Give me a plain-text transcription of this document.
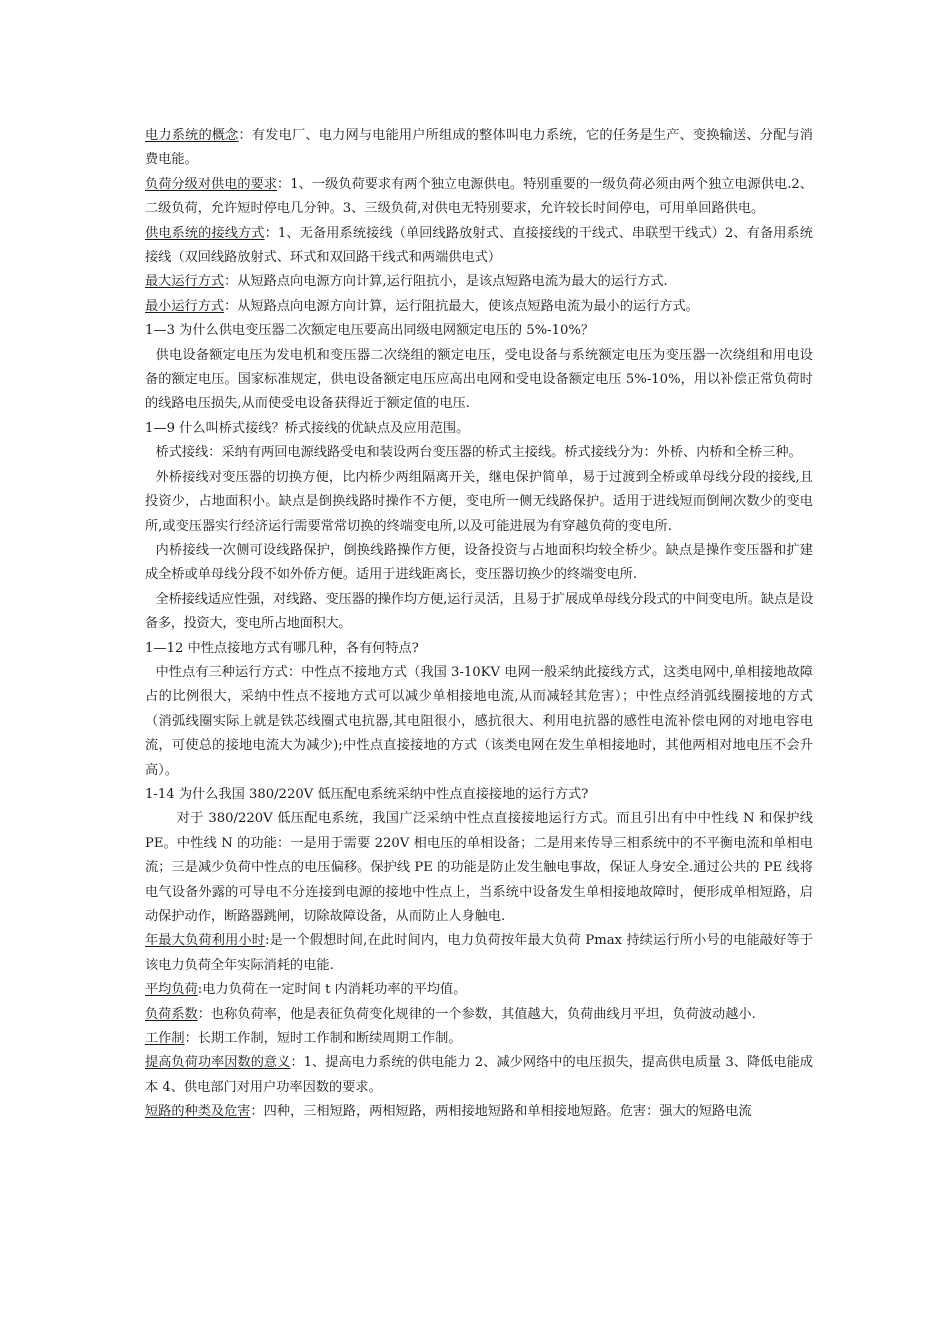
电力系统的概念：有发电厂、电力网与电能用户所组成的整体叫电力系统，它的任务是生产、变换输送、分配与消费电能。

负荷分级对供电的要求：1、一级负荷要求有两个独立电源供电。特别重要的一级负荷必须由两个独立电源供电.2、二级负荷，允许短时停电几分钟。3、三级负荷,对供电无特别要求，允许较长时间停电，可用单回路供电。

供电系统的接线方式：1、无备用系统接线（单回线路放射式、直接接线的干线式、串联型干线式）2、有备用系统接线（双回线路放射式、环式和双回路干线式和两端供电式）

最大运行方式：从短路点向电源方向计算,运行阻抗小，是该点短路电流为最大的运行方式.

最小运行方式：从短路点向电源方向计算，运行阻抗最大，使该点短路电流为最小的运行方式。

1—3 为什么供电变压器二次额定电压要高出同级电网额定电压的 5%-10%？

供电设备额定电压为发电机和变压器二次绕组的额定电压，受电设备与系统额定电压为变压器一次绕组和用电设备的额定电压。国家标准规定，供电设备额定电压应高出电网和受电设备额定电压 5%-10%，用以补偿正常负荷时的线路电压损失,从而使受电设备获得近于额定值的电压.

1—9 什么叫桥式接线？桥式接线的优缺点及应用范围。

桥式接线：采纳有两回电源线路受电和装设两台变压器的桥式主接线。桥式接线分为：外桥、内桥和全桥三种。

外桥接线对变压器的切换方便，比内桥少两组隔离开关，继电保护简单，易于过渡到全桥或单母线分段的接线,且投资少，占地面积小。缺点是倒换线路时操作不方便，变电所一侧无线路保护。适用于进线短而倒闸次数少的变电所,或变压器实行经济运行需要常常切换的终端变电所,以及可能进展为有穿越负荷的变电所.

内桥接线一次侧可设线路保护，倒换线路操作方便，设备投资与占地面积均较全桥少。缺点是操作变压器和扩建成全桥或单母线分段不如外侨方便。适用于进线距离长，变压器切换少的终端变电所.

全桥接线适应性强，对线路、变压器的操作均方便,运行灵活，且易于扩展成单母线分段式的中间变电所。缺点是设备多，投资大，变电所占地面积大。

1—12 中性点接地方式有哪几种，各有何特点?

中性点有三种运行方式：中性点不接地方式（我国 3-10KV 电网一般采纳此接线方式，这类电网中,单相接地故障占的比例很大，采纳中性点不接地方式可以减少单相接地电流,从而减轻其危害）；中性点经消弧线圈接地的方式（消弧线圈实际上就是铁芯线圈式电抗器,其电阻很小，感抗很大、利用电抗器的感性电流补偿电网的对地电容电流，可使总的接地电流大为减少);中性点直接接地的方式（该类电网在发生单相接地时，其他两相对地电压不会升高）。

1-14 为什么我国 380/220V 低压配电系统采纳中性点直接接地的运行方式?

对于 380/220V 低压配电系统，我国广泛采纳中性点直接接地运行方式。而且引出有中中性线 N 和保护线 PE。中性线 N 的功能：一是用于需要 220V 相电压的单相设备；二是用来传导三相系统中的不平衡电流和单相电流；三是减少负荷中性点的电压偏移。保护线 PE 的功能是防止发生触电事故，保证人身安全.通过公共的 PE 线将电气设备外露的可导电不分连接到电源的接地中性点上，当系统中设备发生单相接地故障时，便形成单相短路，启动保护动作，断路器跳闸，切除故障设备，从而防止人身触电.

年最大负荷利用小时:是一个假想时间,在此时间内，电力负荷按年最大负荷 Pmax 持续运行所小号的电能敲好等于该电力负荷全年实际消耗的电能.

平均负荷:电力负荷在一定时间 t 内消耗功率的平均值。

负荷系数：也称负荷率，他是表征负荷变化规律的一个参数，其值越大，负荷曲线月平坦，负荷波动越小.

工作制：长期工作制，短时工作制和断续周期工作制。

提高负荷功率因数的意义：1、提高电力系统的供电能力 2、减少网络中的电压损失，提高供电质量 3、降低电能成本 4、供电部门对用户功率因数的要求。

短路的种类及危害：四种，三相短路，两相短路，两相接地短路和单相接地短路。危害：强大的短路电流
